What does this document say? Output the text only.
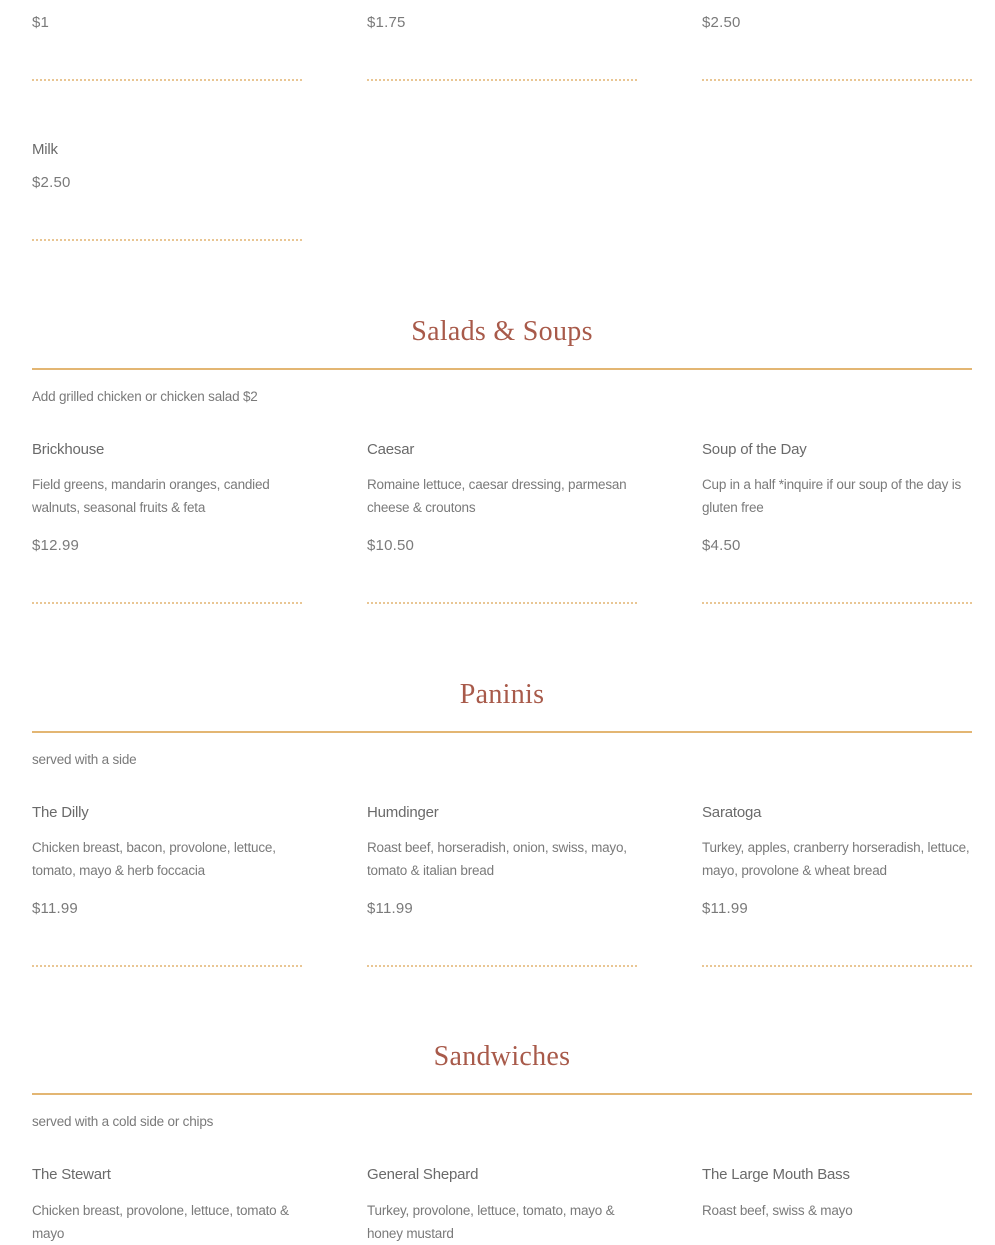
$1	$1.75	$2.50
Milk
$2.50
Salads & Soups
Add grilled chicken or chicken salad $2
Brickhouse
Field greens, mandarin oranges, candied walnuts, seasonal fruits & feta
$12.99
Caesar
Romaine lettuce, caesar dressing, parmesan cheese & croutons
$10.50
Soup of the Day
Cup in a half *inquire if our soup of the day is gluten free
$4.50
Paninis
served with a side
The Dilly
Chicken breast, bacon, provolone, lettuce, tomato, mayo & herb foccacia
$11.99
Humdinger
Roast beef, horseradish, onion, swiss, mayo, tomato & italian bread
$11.99
Saratoga
Turkey, apples, cranberry horseradish, lettuce, mayo, provolone & wheat bread
$11.99
Sandwiches
served with a cold side or chips
The Stewart
Chicken breast, provolone, lettuce, tomato & mayo
General Shepard
Turkey, provolone, lettuce, tomato, mayo & honey mustard
The Large Mouth Bass
Roast beef, swiss & mayo
